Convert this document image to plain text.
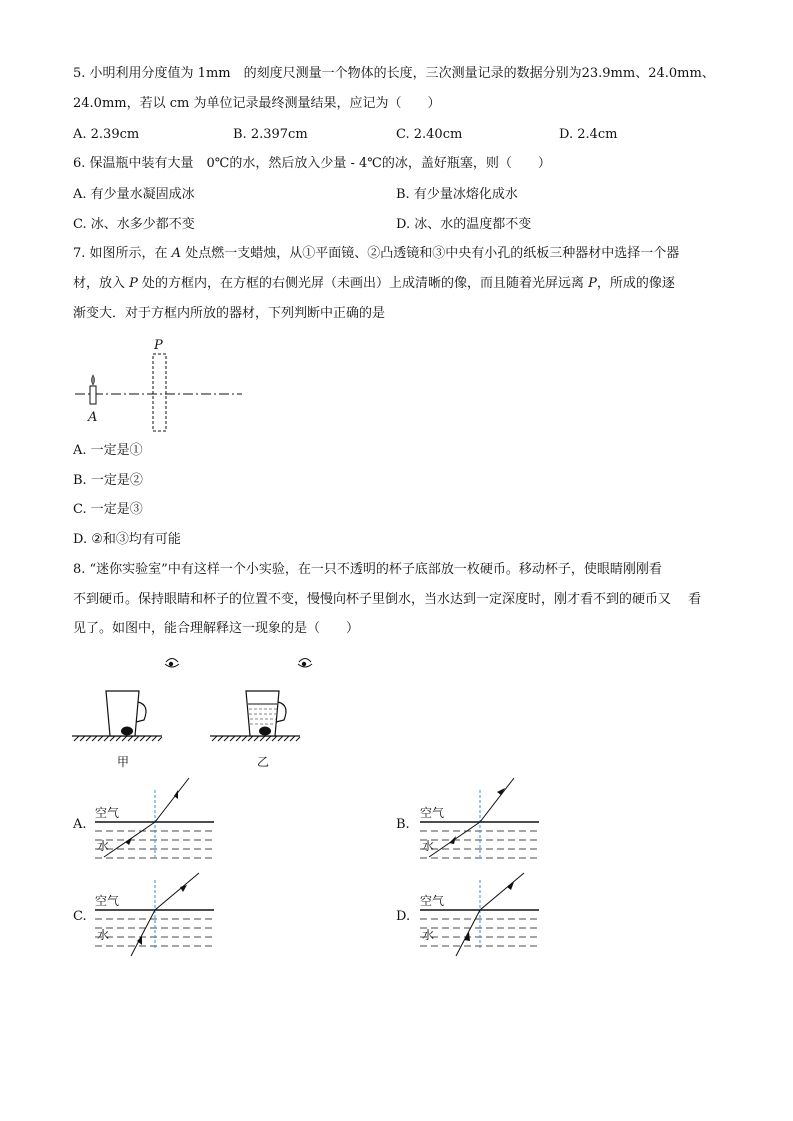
5. 小明利用分度值为 1mm　的刻度尺测量一个物体的长度，三次测量记录的数据分别为23.9mm、24.0mm、
24.0mm，若以 cm 为单位记录最终测量结果，应记为（　　）
A. 2.39cm	B. 2.397cm	C. 2.40cm	D. 2.4cm
6. 保温瓶中装有大量　0℃的水，然后放入少量 - 4℃的冰，盖好瓶塞，则（　　）
A. 有少量水凝固成冰	B. 有少量冰熔化成水
C. 冰、水多少都不变	D. 冰、水的温度都不变
7. 如图所示，在 A 处点燃一支蜡烛，从①平面镜、②凸透镜和③中央有小孔的纸板三种器材中选择一个器
材，放入 P 处的方框内，在方框的右侧光屏（未画出）上成清晰的像，而且随着光屏远离 P，所成的像逐
渐变大．对于方框内所放的器材，下列判断中正确的是
P
A
A. 一定是①
B. 一定是②
C. 一定是③
D. ②和③均有可能
8. “迷你实验室”中有这样一个小实验，在一只不透明的杯子底部放一枚硬币。移动杯子，使眼睛刚刚看
不到硬币。保持眼睛和杯子的位置不变，慢慢向杯子里倒水，当水达到一定深度时，刚才看不到的硬币又　 看
见了。如图中，能合理解释这一现象的是（　　）
甲	乙
A.
空气
水
B.
空气
水
C.
空气
水
D.
空气
水
